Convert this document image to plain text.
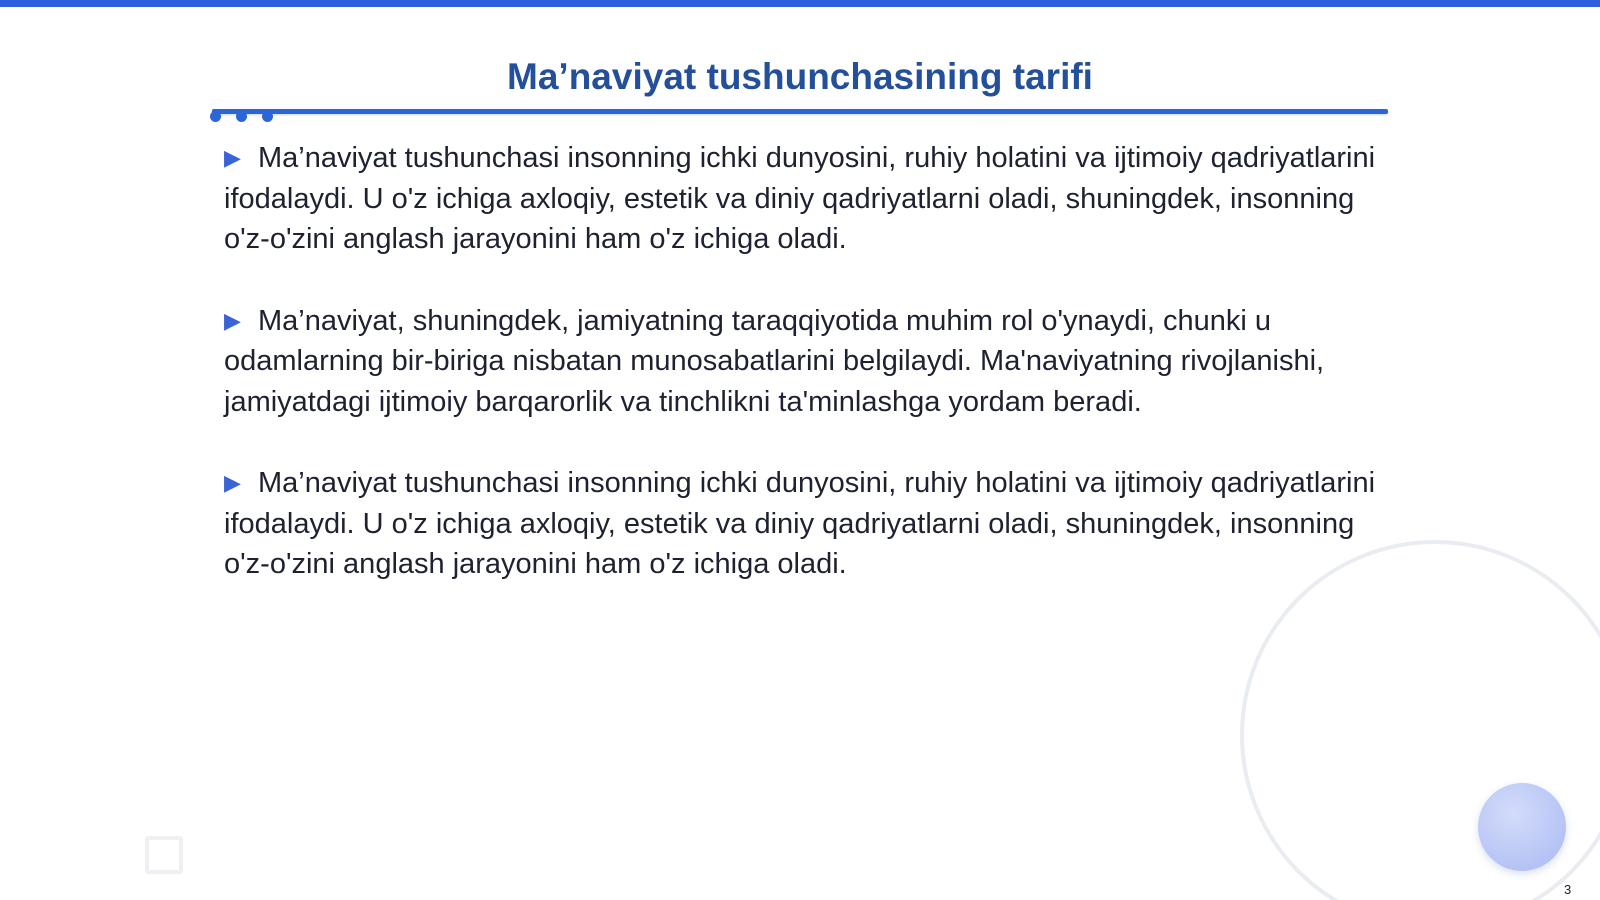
Ma’naviyat tushunchasining tarifi

▶ Ma’naviyat tushunchasi insonning ichki dunyosini, ruhiy holatini va ijtimoiy qadriyatlarini ifodalaydi. U o'z ichiga axloqiy, estetik va diniy qadriyatlarni oladi, shuningdek, insonning o'z-o'zini anglash jarayonini ham o'z ichiga oladi.

▶ Ma’naviyat, shuningdek, jamiyatning taraqqiyotida muhim rol o'ynaydi, chunki u odamlarning bir-biriga nisbatan munosabatlarini belgilaydi. Ma'naviyatning rivojlanishi, jamiyatdagi ijtimoiy barqarorlik va tinchlikni ta'minlashga yordam beradi.

▶ Ma’naviyat tushunchasi insonning ichki dunyosini, ruhiy holatini va ijtimoiy qadriyatlarini ifodalaydi. U o'z ichiga axloqiy, estetik va diniy qadriyatlarni oladi, shuningdek, insonning o'z-o'zini anglash jarayonini ham o'z ichiga oladi.

3
